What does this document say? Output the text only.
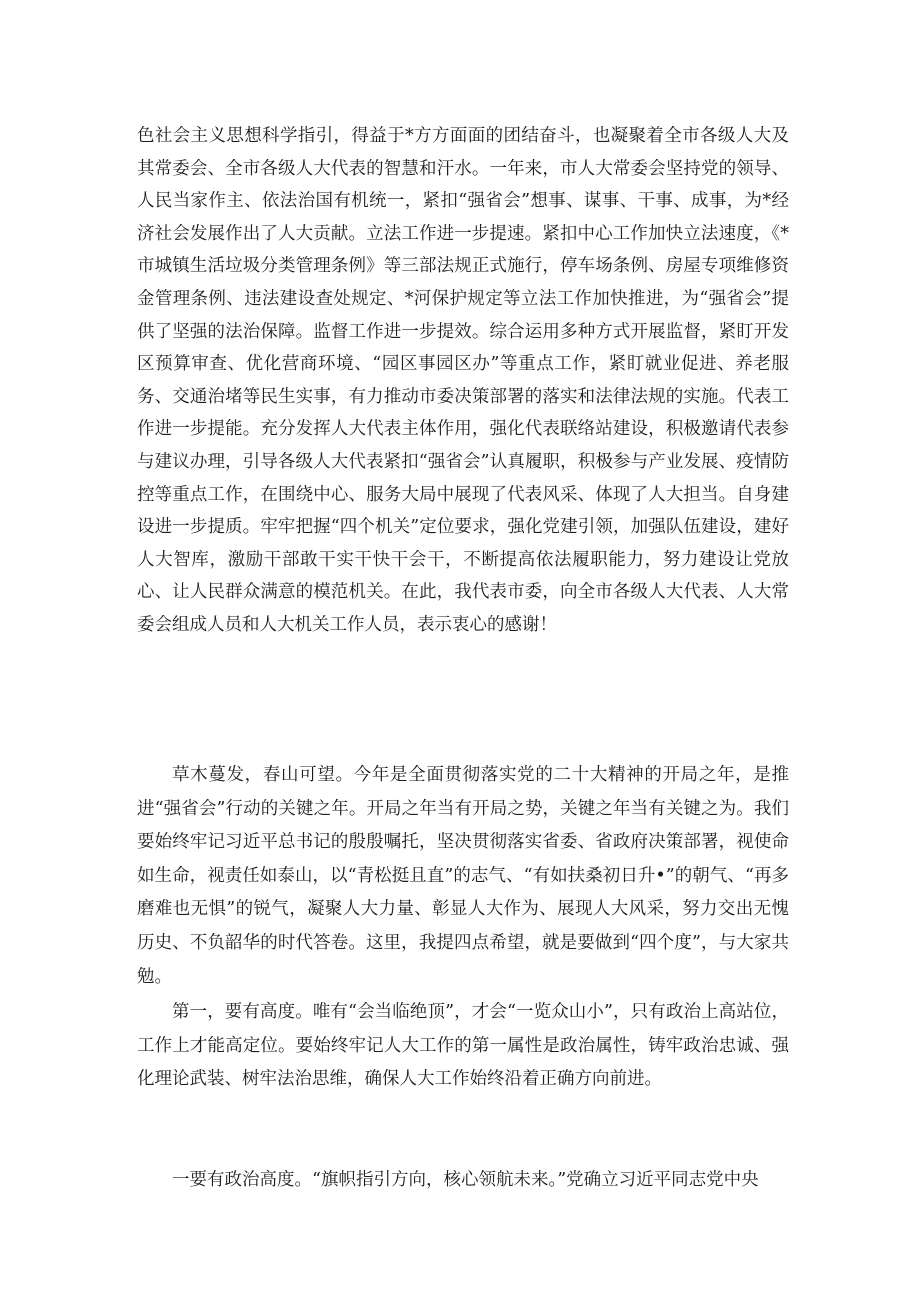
色社会主义思想科学指引，得益于*方方面面的团结奋斗，也凝聚着全市各级人大及其常委会、全市各级人大代表的智慧和汗水。一年来，市人大常委会坚持党的领导、人民当家作主、依法治国有机统一，紧扣“强省会”想事、谋事、干事、成事，为*经济社会发展作出了人大贡献。立法工作进一步提速。紧扣中心工作加快立法速度，《*市城镇生活垃圾分类管理条例》等三部法规正式施行，停车场条例、房屋专项维修资金管理条例、违法建设查处规定、*河保护规定等立法工作加快推进，为“强省会”提供了坚强的法治保障。监督工作进一步提效。综合运用多种方式开展监督，紧盯开发区预算审查、优化营商环境、“园区事园区办”等重点工作，紧盯就业促进、养老服务、交通治堵等民生实事，有力推动市委决策部署的落实和法律法规的实施。代表工作进一步提能。充分发挥人大代表主体作用，强化代表联络站建设，积极邀请代表参与建议办理，引导各级人大代表紧扣“强省会”认真履职，积极参与产业发展、疫情防控等重点工作，在围绕中心、服务大局中展现了代表风采、体现了人大担当。自身建设进一步提质。牢牢把握“四个机关”定位要求，强化党建引领，加强队伍建设，建好人大智库，激励干部敢干实干快干会干，不断提高依法履职能力，努力建设让党放心、让人民群众满意的模范机关。在此，我代表市委，向全市各级人大代表、人大常委会组成人员和人大机关工作人员，表示衷心的感谢！

草木蔓发，春山可望。今年是全面贯彻落实党的二十大精神的开局之年，是推进“强省会”行动的关键之年。开局之年当有开局之势，关键之年当有关键之为。我们要始终牢记习近平总书记的殷殷嘱托，坚决贯彻落实省委、省政府决策部署，视使命如生命，视责任如泰山，以“青松挺且直”的志气、“有如扶桑初日升•”的朝气、“再多磨难也无惧”的锐气，凝聚人大力量、彰显人大作为、展现人大风采，努力交出无愧历史、不负韶华的时代答卷。这里，我提四点希望，就是要做到“四个度”，与大家共勉。

第一，要有高度。唯有“会当临绝顶”，才会“一览众山小”，只有政治上高站位，工作上才能高定位。要始终牢记人大工作的第一属性是政治属性，铸牢政治忠诚、强化理论武装、树牢法治思维，确保人大工作始终沿着正确方向前进。

一要有政治高度。“旗帜指引方向，核心领航未来。”党确立习近平同志党中央
